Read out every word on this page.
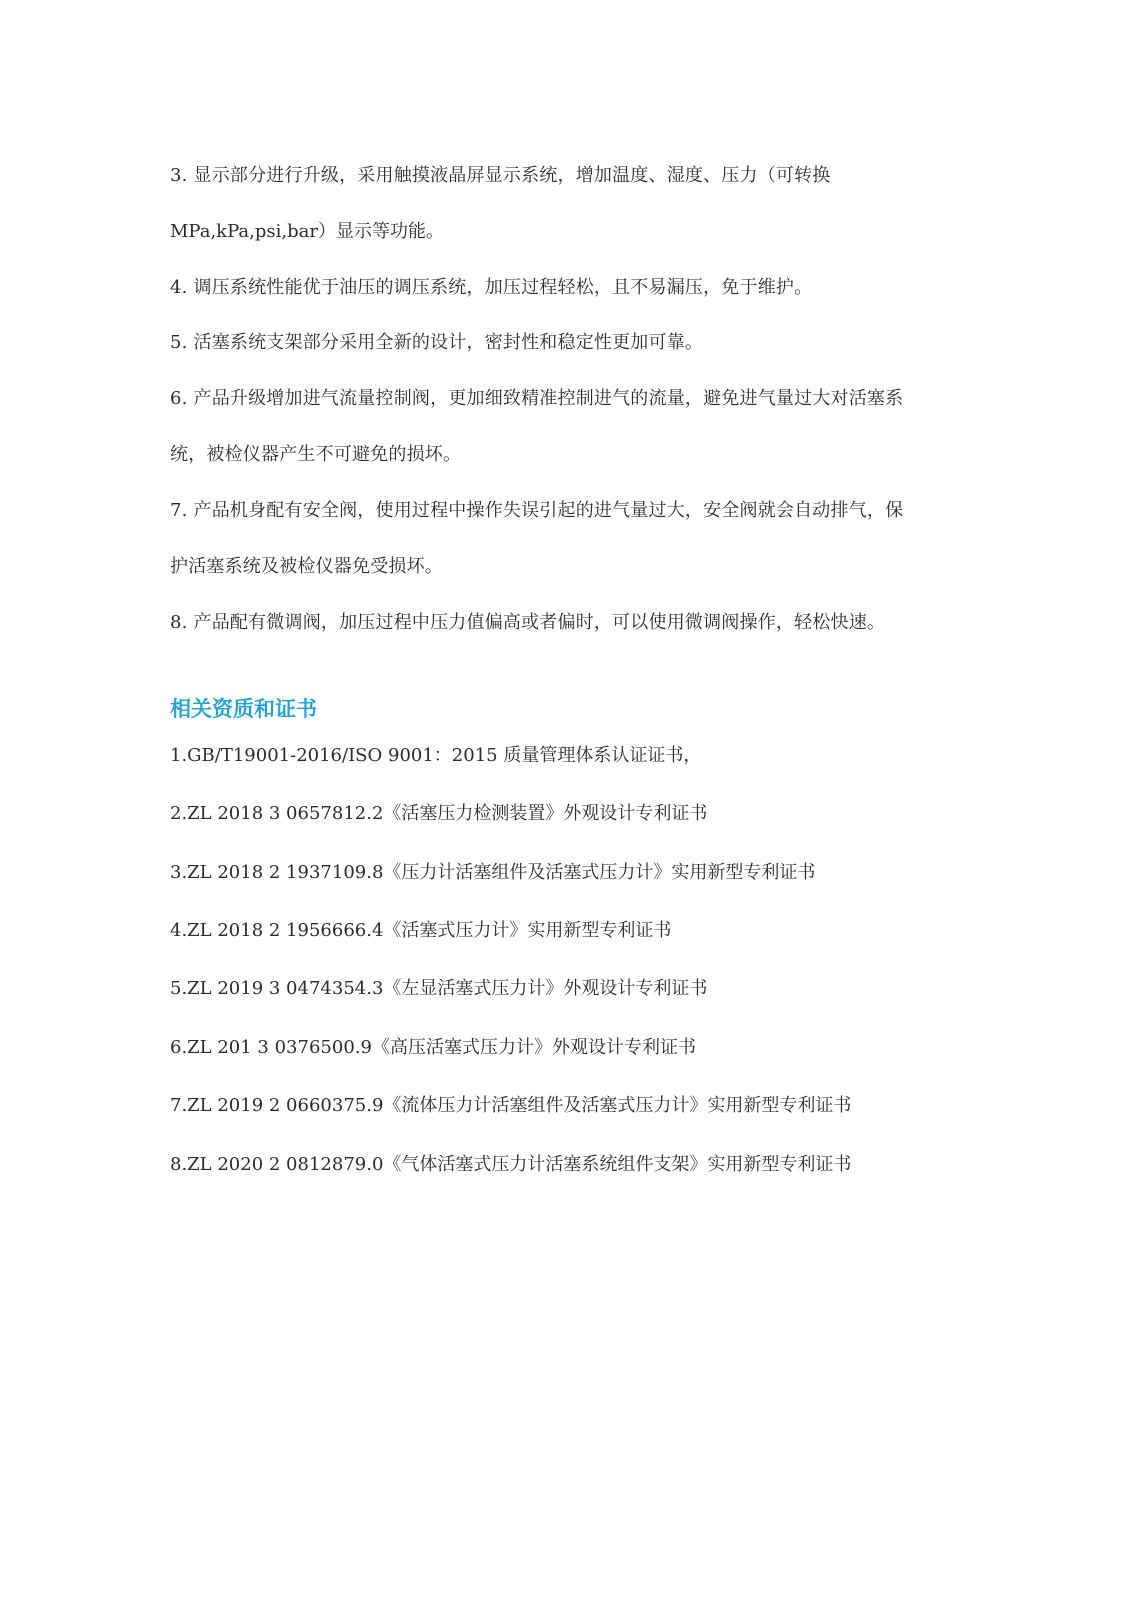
3. 显示部分进行升级，采用触摸液晶屏显示系统，增加温度、湿度、压力（可转换
MPa,kPa,psi,bar）显示等功能。
4. 调压系统性能优于油压的调压系统，加压过程轻松，且不易漏压，免于维护。
5. 活塞系统支架部分采用全新的设计，密封性和稳定性更加可靠。
6. 产品升级增加进气流量控制阀，更加细致精准控制进气的流量，避免进气量过大对活塞系
统，被检仪器产生不可避免的损坏。
7. 产品机身配有安全阀，使用过程中操作失误引起的进气量过大，安全阀就会自动排气，保
护活塞系统及被检仪器免受损坏。
8. 产品配有微调阀，加压过程中压力值偏高或者偏时，可以使用微调阀操作，轻松快速。
相关资质和证书
1.GB/T19001-2016/ISO 9001：2015 质量管理体系认证证书，
2.ZL 2018 3 0657812.2《活塞压力检测装置》外观设计专利证书
3.ZL 2018 2 1937109.8《压力计活塞组件及活塞式压力计》实用新型专利证书
4.ZL 2018 2 1956666.4《活塞式压力计》实用新型专利证书
5.ZL 2019 3 0474354.3《左显活塞式压力计》外观设计专利证书
6.ZL 201 3 0376500.9《高压活塞式压力计》外观设计专利证书
7.ZL 2019 2 0660375.9《流体压力计活塞组件及活塞式压力计》实用新型专利证书
8.ZL 2020 2 0812879.0《气体活塞式压力计活塞系统组件支架》实用新型专利证书
